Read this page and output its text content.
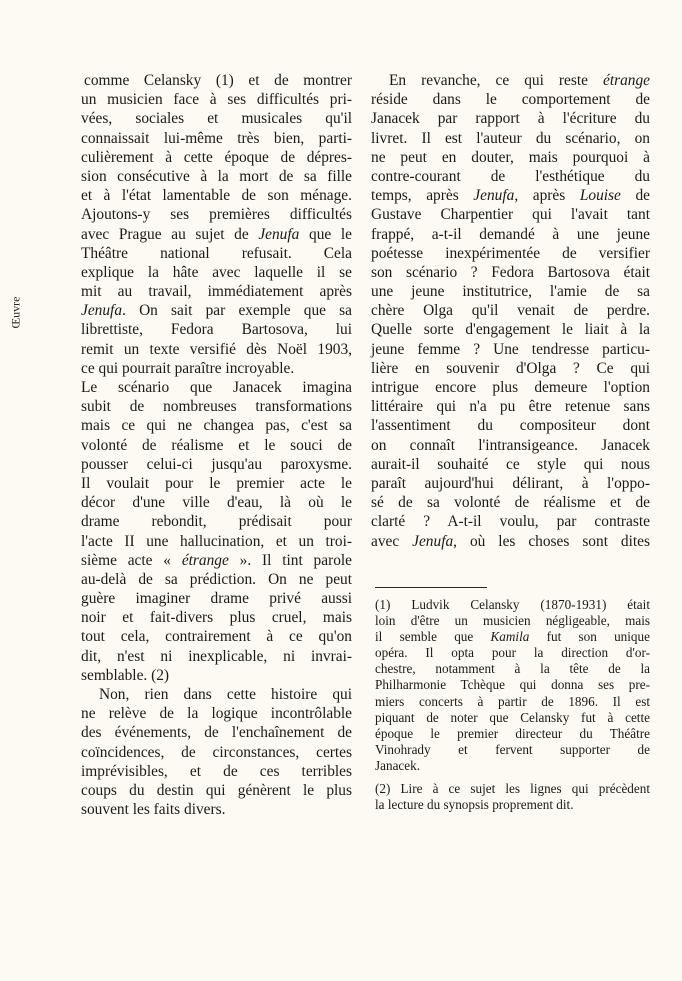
Œuvre
comme Celansky (1) et de montrer
un musicien face à ses difficultés pri-
vées, sociales et musicales qu'il
connaissait lui-même très bien, parti-
culièrement à cette époque de dépres-
sion consécutive à la mort de sa fille
et à l'état lamentable de son ménage.
Ajoutons-y ses premières difficultés
avec Prague au sujet de Jenufa que le
Théâtre national refusait. Cela
explique la hâte avec laquelle il se
mit au travail, immédiatement après
Jenufa. On sait par exemple que sa
librettiste, Fedora Bartosova, lui
remit un texte versifié dès Noël 1903,
ce qui pourrait paraître incroyable.
Le scénario que Janacek imagina
subit de nombreuses transformations
mais ce qui ne changea pas, c'est sa
volonté de réalisme et le souci de
pousser celui-ci jusqu'au paroxysme.
Il voulait pour le premier acte le
décor d'une ville d'eau, là où le
drame rebondit, prédisait pour
l'acte II une hallucination, et un troi-
sième acte « étrange ». Il tint parole
au-delà de sa prédiction. On ne peut
guère imaginer drame privé aussi
noir et fait-divers plus cruel, mais
tout cela, contrairement à ce qu'on
dit, n'est ni inexplicable, ni invrai-
semblable. (2)
Non, rien dans cette histoire qui
ne relève de la logique incontrôlable
des événements, de l'enchaînement de
coïncidences, de circonstances, certes
imprévisibles, et de ces terribles
coups du destin qui génèrent le plus
souvent les faits divers.
En revanche, ce qui reste étrange
réside dans le comportement de
Janacek par rapport à l'écriture du
livret. Il est l'auteur du scénario, on
ne peut en douter, mais pourquoi à
contre-courant de l'esthétique du
temps, après Jenufa, après Louise de
Gustave Charpentier qui l'avait tant
frappé, a-t-il demandé à une jeune
poétesse inexpérimentée de versifier
son scénario ? Fedora Bartosova était
une jeune institutrice, l'amie de sa
chère Olga qu'il venait de perdre.
Quelle sorte d'engagement le liait à la
jeune femme ? Une tendresse particu-
lière en souvenir d'Olga ? Ce qui
intrigue encore plus demeure l'option
littéraire qui n'a pu être retenue sans
l'assentiment du compositeur dont
on connaît l'intransigeance. Janacek
aurait-il souhaité ce style qui nous
paraît aujourd'hui délirant, à l'oppo-
sé de sa volonté de réalisme et de
clarté ? A-t-il voulu, par contraste
avec Jenufa, où les choses sont dites
(1) Ludvik Celansky (1870-1931) était
loin d'être un musicien négligeable, mais
il semble que Kamila fut son unique
opéra. Il opta pour la direction d'or-
chestre, notamment à la tête de la
Philharmonie Tchèque qui donna ses pre-
miers concerts à partir de 1896. Il est
piquant de noter que Celansky fut à cette
époque le premier directeur du Théâtre
Vinohrady et fervent supporter de
Janacek.
(2) Lire à ce sujet les lignes qui précèdent
la lecture du synopsis proprement dit.
